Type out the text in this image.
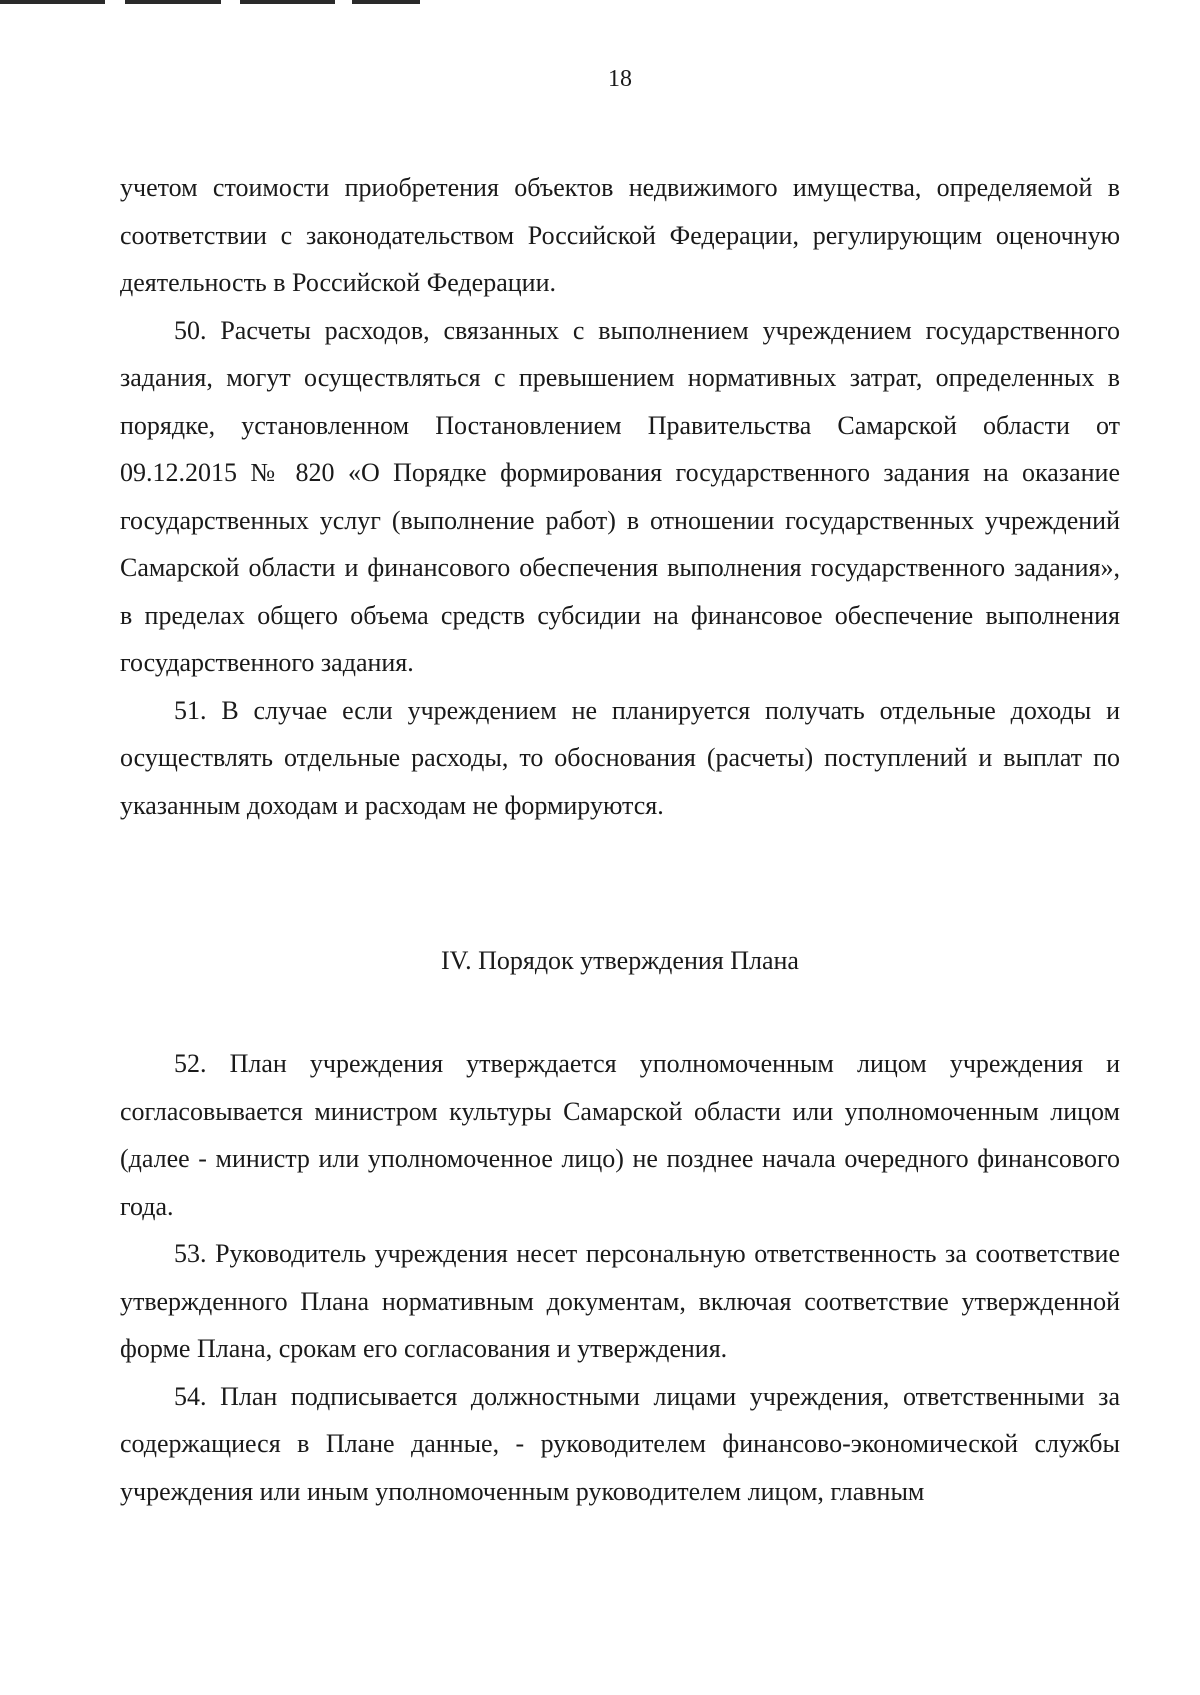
18

учетом стоимости приобретения объектов недвижимого имущества, определяемой в соответствии с законодательством Российской Федерации, регулирующим оценочную деятельность в Российской Федерации.

50. Расчеты расходов, связанных с выполнением учреждением государственного задания, могут осуществляться с превышением нормативных затрат, определенных в порядке, установленном Постановлением Правительства Самарской области от 09.12.2015 № 820 «О Порядке формирования государственного задания на оказание государственных услуг (выполнение работ) в отношении государственных учреждений Самарской области и финансового обеспечения выполнения государственного задания», в пределах общего объема средств субсидии на финансовое обеспечение выполнения государственного задания.

51. В случае если учреждением не планируется получать отдельные доходы и осуществлять отдельные расходы, то обоснования (расчеты) поступлений и выплат по указанным доходам и расходам не формируются.

IV. Порядок утверждения Плана

52. План учреждения утверждается уполномоченным лицом учреждения и согласовывается министром культуры Самарской области или уполномоченным лицом (далее - министр или уполномоченное лицо) не позднее начала очередного финансового года.

53. Руководитель учреждения несет персональную ответственность за соответствие утвержденного Плана нормативным документам, включая соответствие утвержденной форме Плана, срокам его согласования и утверждения.

54. План подписывается должностными лицами учреждения, ответственными за содержащиеся в Плане данные, - руководителем финансово-экономической службы учреждения или иным уполномоченным руководителем лицом, главным
